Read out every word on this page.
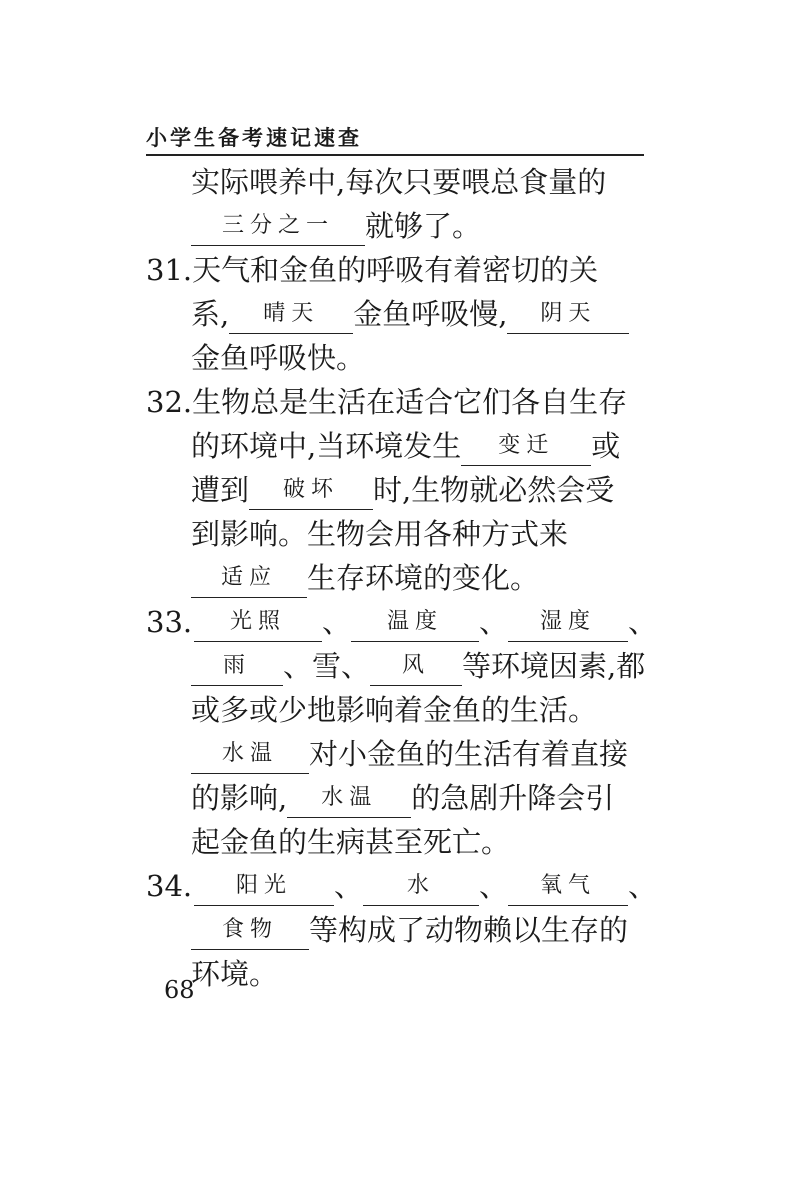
小学生备考速记速查
实际喂养中,每次只要喂总食量的
三分之一	就够了。
31.天气和金鱼的呼吸有着密切的关
系,	晴天	金鱼呼吸慢,	阴天
金鱼呼吸快。
32.生物总是生活在适合它们各自生存
的环境中,当环境发生	变迁	或
遭到	破坏	时,生物就必然会受
到影响。生物会用各种方式来
适应	生存环境的变化。
33.	光照	、	温度	、	湿度	、
雨	、雪、	风	等环境因素,都
或多或少地影响着金鱼的生活。
水温	对小金鱼的生活有着直接
的影响,	水温	的急剧升降会引
起金鱼的生病甚至死亡。
34.	阳光	、	水	、	氧气	、
食物	等构成了动物赖以生存的
环境。
68
